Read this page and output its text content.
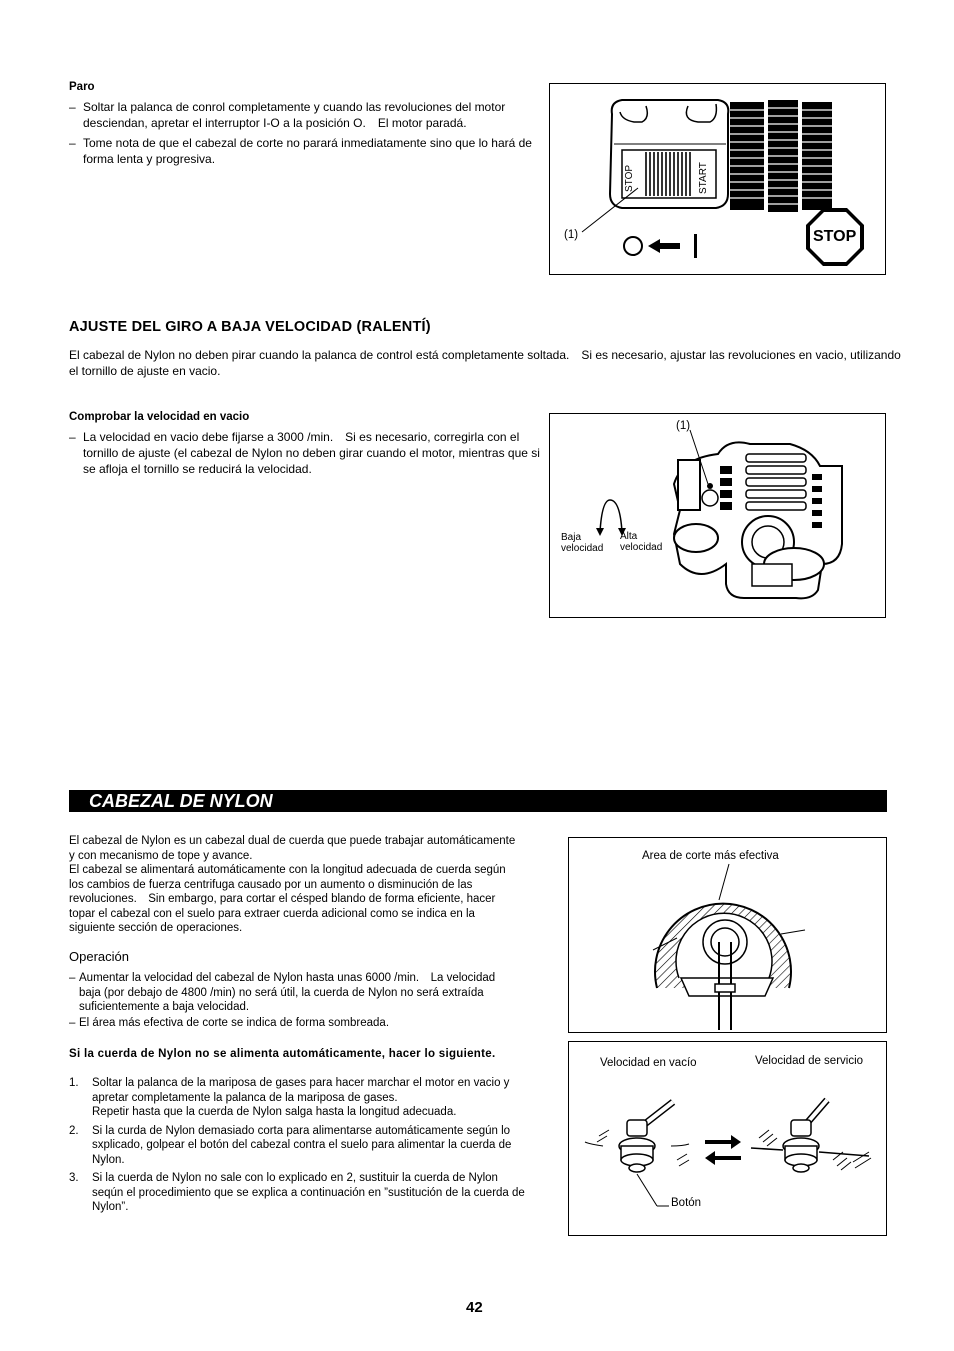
Paro
– Soltar la palanca de conrol completamente y cuando las revoluciones del motor desciendan, apretar el interruptor I-O a la posición O. El motor paradá.
– Tome nota de que el cabezal de corte no parará inmediatamente sino que lo hará de forma lenta y progresiva.
STOP	START
(1)	STOP
AJUSTE DEL GIRO A BAJA VELOCIDAD (RALENTÍ)
El cabezal de Nylon no deben pirar cuando la palanca de control está completamente soltada. Si es necesario, ajustar las revoluciones en vacio, utilizando el tornillo de ajuste en vacio.
Comprobar la velocidad en vacio
– La velocidad en vacio debe fijarse a 3000 /min. Si es necesario, corregirla con el tornillo de ajuste (el cabezal de Nylon no deben girar cuando el motor, mientras que si se afloja el tornillo se reducirá la velocidad.
(1)
Baja velocidad
Alta velocidad
CABEZAL DE NYLON
El cabezal de Nylon es un cabezal dual de cuerda que puede trabajar automáticamente y con mecanismo de tope y avance.
El cabezal se alimentará automáticamente con la longitud adecuada de cuerda según los cambios de fuerza centrifuga causado por un aumento o disminución de las revoluciones. Sin embargo, para cortar el césped blando de forma eficiente, hacer topar el cabezal con el suelo para extraer cuerda adicional como se indica en la siguiente sección de operaciones.
Operación
– Aumentar la velocidad del cabezal de Nylon hasta unas 6000 /min. La velocidad baja (por debajo de 4800 /min) no será útil, la cuerda de Nylon no será extraída suficientemente a baja velocidad.
– El área más efectiva de corte se indica de forma sombreada.
Si la cuerda de Nylon no se alimenta automáticamente, hacer lo siguiente.
1. Soltar la palanca de la mariposa de gases para hacer marchar el motor en vacio y apretar completamente la palanca de la mariposa de gases.
Repetir hasta que la cuerda de Nylon salga hasta la longitud adecuada.
2. Si la curda de Nylon demasiado corta para alimentarse automáticamente según lo sxplicado, golpear el botón del cabezal contra el suelo para alimentar la cuerda de Nylon.
3. Si la cuerda de Nylon no sale con lo explicado en 2, sustituir la cuerda de Nylon seqún el procedimiento que se explica a continuación en ”sustitución de la cuerda de Nylon”.
Area de corte más efectiva
Velocidad en vacío	Velocidad de servicio
Botón
42
